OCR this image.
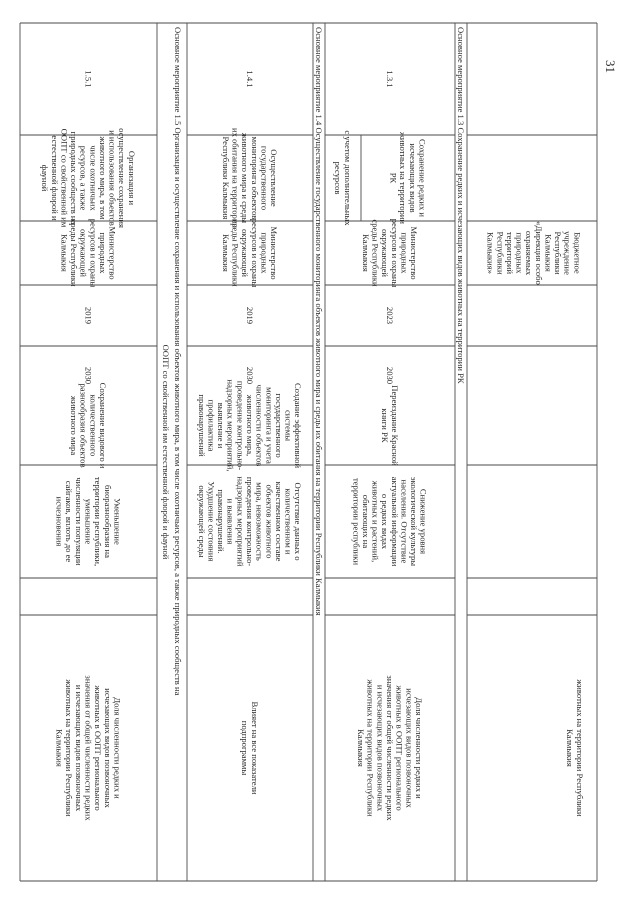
31
Бюджетное
учреждение
Республики
Калмыкия
«Дирекция особо
охраняемых
природных
территорий
Республики
Калмыкия»
животных на территории Республики
Калмыкия
Основное мероприятие 1.3 Сохранение редких и исчезающих видов животных на территории РК
1.3.1
Сохранение редких и
исчезающих видов
животных на территории
РК
с учетом дополнительных
ресурсов
Министерство
природных
ресурсов и охраны
окружающей
среды Республики
Калмыкия
2023
2030
Переиздание Красной
книги РК
Снижение уровня
экологической культуры
населения. Отсутствие
актуальной информации
о редких видах
животных и растений,
обитающих на
территории республики
Доля численности редких и
исчезающих видов позвоночных
животных в ООПТ регионального
значения от общей численности редких
и исчезающих видов позвоночных
животных на территории Республики
Калмыкия
Основное мероприятие 1.4 Осуществление государственного мониторинга объектов животного мира и среды их обитания на территории Республики Калмыкия
1.4.1
Осуществление
государственного
мониторинга объектов
животного мира и среды
их обитания на территории
Республики Калмыкия
Министерство
природных
ресурсов и охраны
окружающей
среды Республики
Калмыкия
2019
2030
Создание эффективной
системы
государственного
мониторинга и учета
численности объектов
животного мира,
проведение контрольно-
надзорных мероприятий,
выявление и
профилактика
правонарушений
Отсутствие данных о
количественном и
качественном составе
объектов животного
мира, невозможность
проведения контрольно-
надзорных мероприятий
и выявления
правонарушений.
Ухудшение состояния
окружающей среды
Влияет на все показатели
подпрограммы
Основное мероприятие 1.5 Организация и осуществление сохранения и использования объектов животного мира, в том числе охотничьих ресурсов, а также природных сообществ на
ООПТ со свойственной им естественной флорой и фауной
1.5.1
Организация и
осуществление сохранения
и использования объектов
животного мира, в том
числе охотничьих
ресурсов, а также
природных сообществ на
ООПТ со свойственной им
естественной флорой и
фауной
Министерство
природных
ресурсов и охраны
окружающей
среды Республики
Калмыкия
2019
2030
Сохранение видового и
количественного
разнообразия объектов
животного мира
Уменьшение
биоразнообразия на
территории республики,
уменьшение
численности популяции
сайгаков, вплоть до ее
исчезновения
Доля численности редких и
исчезающих видов позвоночных
животных в ООПТ регионального
значения от общей численности редких
и исчезающих видов позвоночных
животных на территории Республики
Калмыкия
